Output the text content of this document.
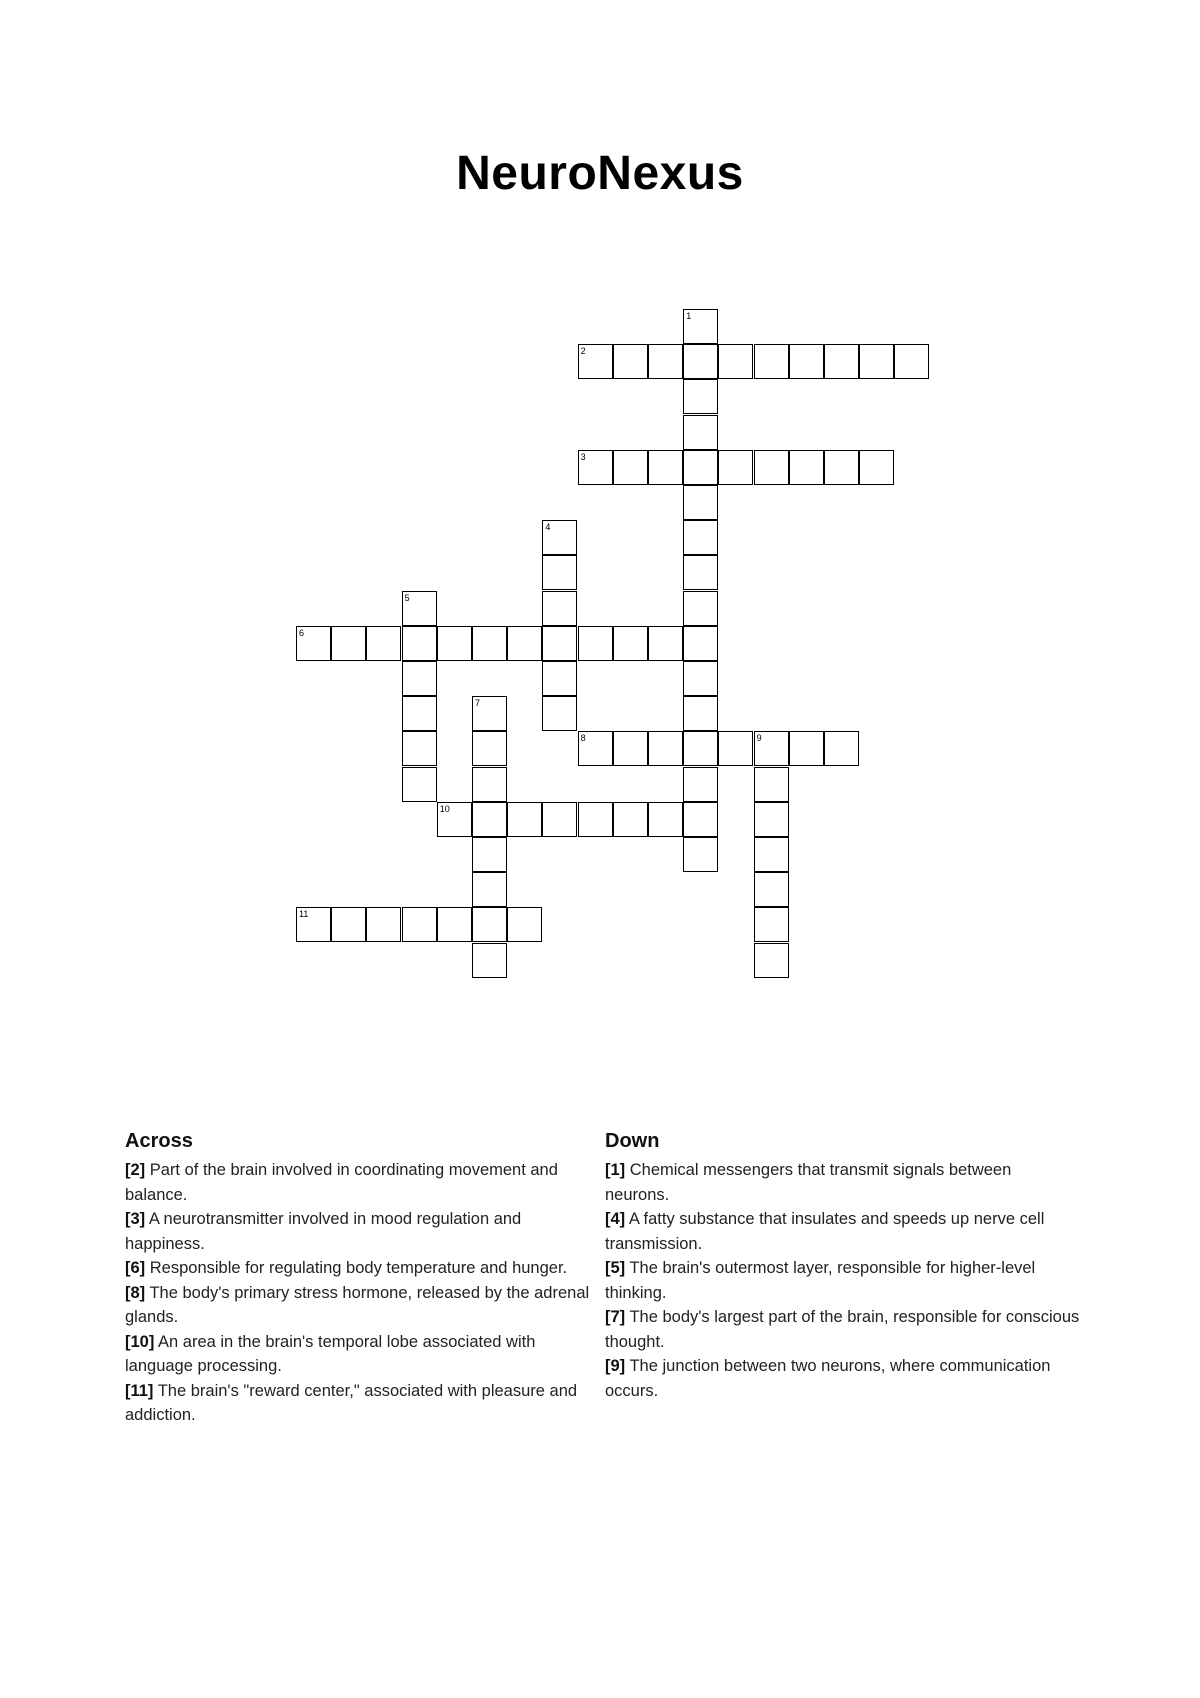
NeuroNexus
1
2
3
4
5
6
7
8	9
10
11
Across

[2] Part of the brain involved in coordinating movement and balance.

[3] A neurotransmitter involved in mood regulation and happiness.

[6] Responsible for regulating body temperature and hunger.

[8] The body's primary stress hormone, released by the adrenal glands.

[10] An area in the brain's temporal lobe associated with language processing.

[11] The brain's "reward center," associated with pleasure and addiction.

Down

[1] Chemical messengers that transmit signals between neurons.

[4] A fatty substance that insulates and speeds up nerve cell transmission.

[5] The brain's outermost layer, responsible for higher-level thinking.

[7] The body's largest part of the brain, responsible for conscious thought.

[9] The junction between two neurons, where communication occurs.
